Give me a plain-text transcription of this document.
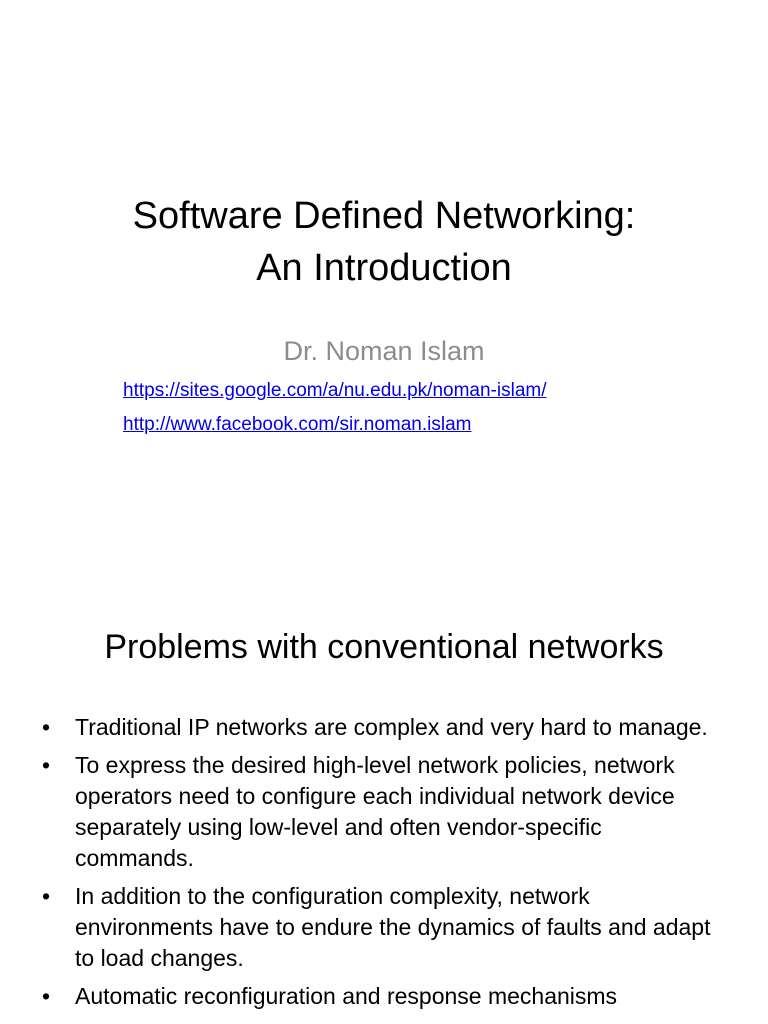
Software Defined Networking:
An Introduction
Dr. Noman Islam
https://sites.google.com/a/nu.edu.pk/noman-islam/
http://www.facebook.com/sir.noman.islam
Problems with conventional networks
• Traditional IP networks are complex and very hard to manage.
• To express the desired high-level network policies, network operators need to configure each individual network device separately using low-level and often vendor-specific commands.
• In addition to the configuration complexity, network environments have to endure the dynamics of faults and adapt to load changes.
• Automatic reconfiguration and response mechanisms
